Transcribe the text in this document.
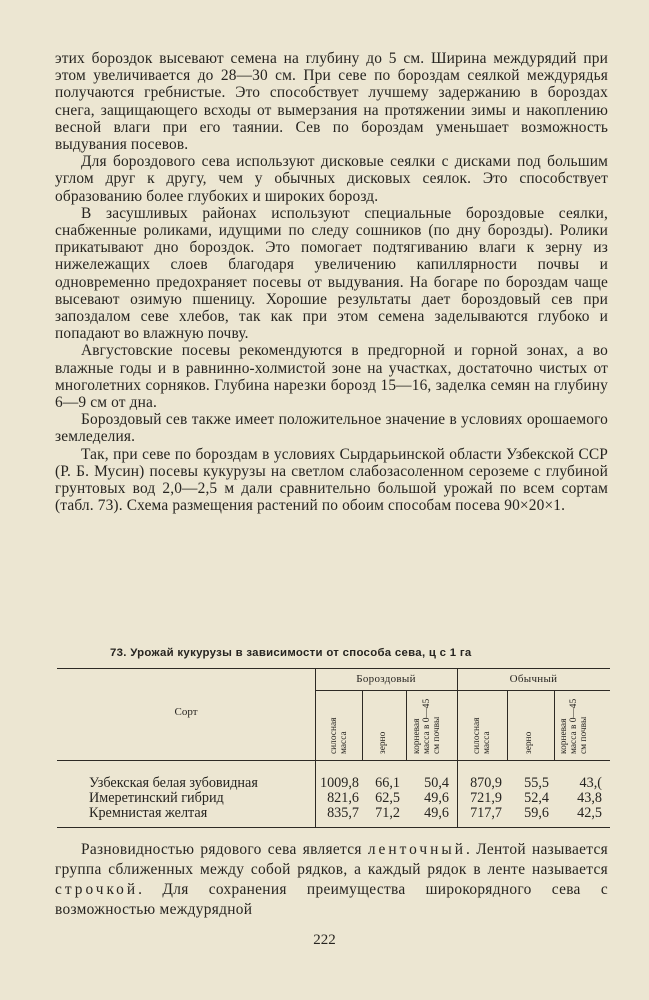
этих бороздок высевают семена на глубину до 5 см. Ширина междурядий при этом увеличивается до 28—30 см. При севе по бороздам сеялкой междурядья получаются гребнистые. Это способствует лучшему задержанию в бороздах снега, защищающего всходы от вымерзания на протяжении зимы и накоплению весной влаги при его таянии. Сев по бороздам уменьшает возможность выдувания посевов.

Для бороздового сева используют дисковые сеялки с дисками под большим углом друг к другу, чем у обычных дисковых сеялок. Это способствует образованию более глубоких и широких борозд.

В засушливых районах используют специальные бороздовые сеялки, снабженные роликами, идущими по следу сошников (по дну борозды). Ролики прикатывают дно бороздок. Это помогает подтягиванию влаги к зерну из нижележащих слоев благодаря увеличению капиллярности почвы и одновременно предохраняет посевы от выдувания. На богаре по бороздам чаще высевают озимую пшеницу. Хорошие результаты дает бороздовый сев при запоздалом севе хлебов, так как при этом семена заделываются глубоко и попадают во влажную почву.

Августовские посевы рекомендуются в предгорной и горной зонах, а во влажные годы и в равнинно-холмистой зоне на участках, достаточно чистых от многолетних сорняков. Глубина нарезки борозд 15—16, заделка семян на глубину 6—9 см от дна.

Бороздовый сев также имеет положительное значение в условиях орошаемого земледелия.

Так, при севе по бороздам в условиях Сырдарьинской области Узбекской ССР (Р. Б. Мусин) посевы кукурузы на светлом слабозасоленном сероземе с глубиной грунтовых вод 2,0—2,5 м дали сравнительно большой урожай по всем сортам (табл. 73). Схема размещения растений по обоим способам посева 90×20×1.

73. Урожай кукурузы в зависимости от способа сева, ц с 1 га
Сорт
Бороздовый	Обычный
силосная масса	зерно	корневая масса в 0—45 см почвы	силосная масса	зерно	корневая масса в 0—45 см почвы
Узбекская белая зубовидная	1009,8	66,1	50,4	870,9	55,5	43,(
Имеретинский гибрид	821,6	62,5	49,6	721,9	52,4	43,8
Кремнистая желтая	835,7	71,2	49,6	717,7	59,6	42,5

Разновидностью рядового сева является ленточный. Лентой называется группа сближенных между собой рядков, а каждый рядок в ленте называется строчкой. Для сохранения преимущества широкорядного сева с возможностью междурядной

222
